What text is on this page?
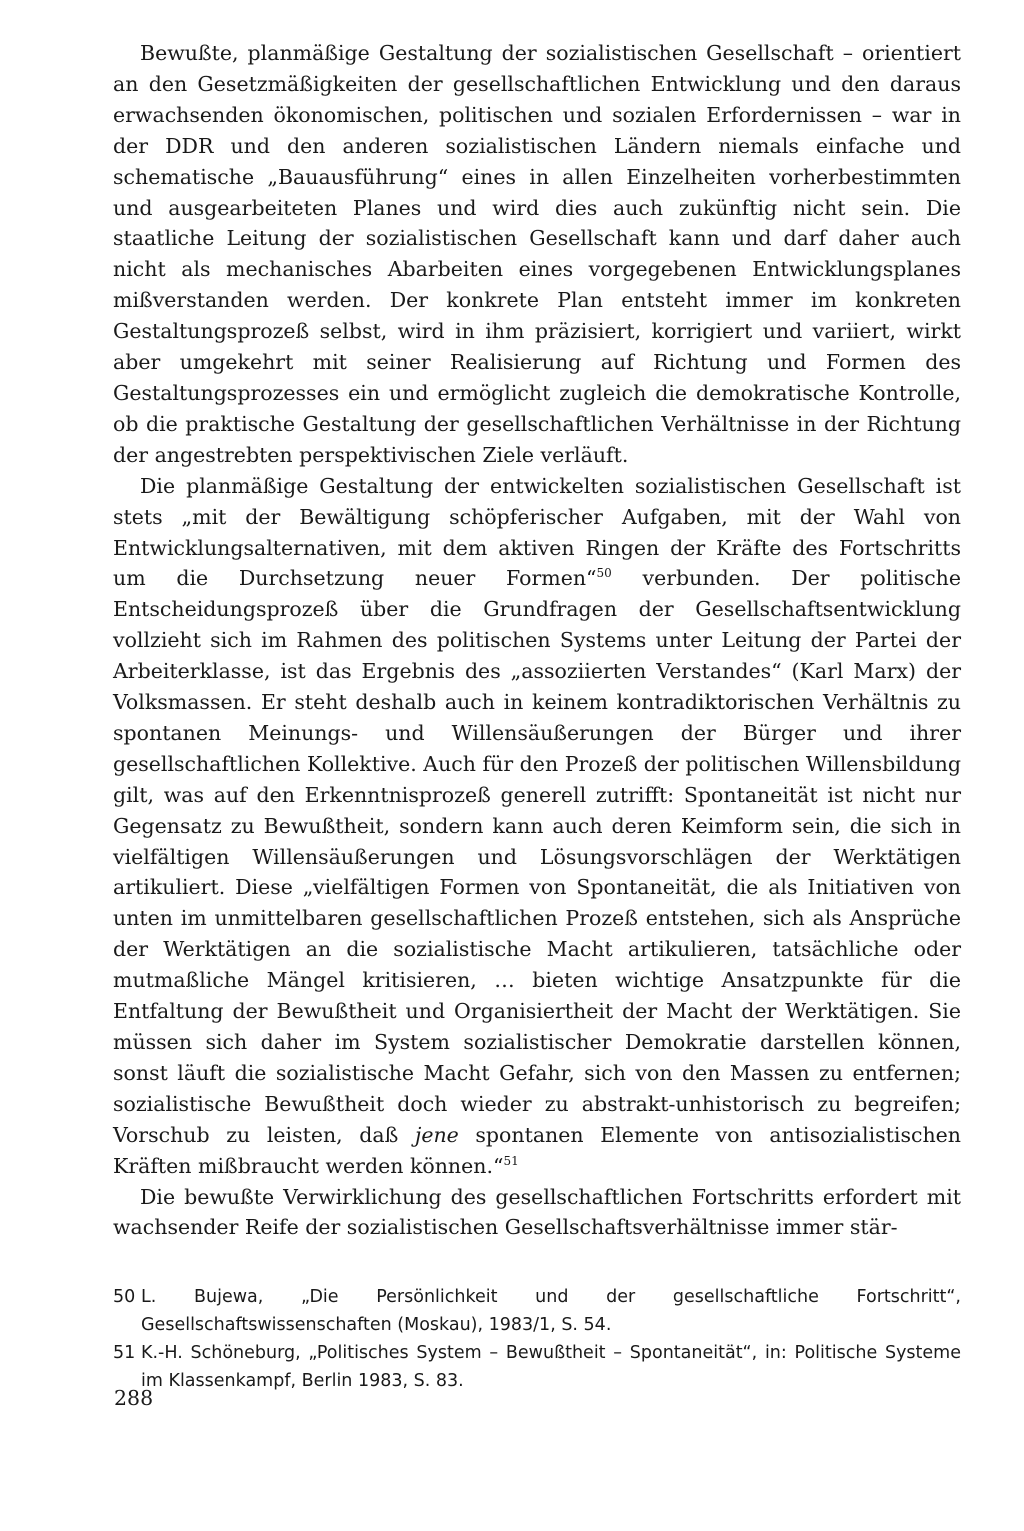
Bewußte, planmäßige Gestaltung der sozialistischen Gesellschaft – orientiert an den Gesetzmäßigkeiten der gesellschaftlichen Entwicklung und den daraus erwachsenden ökonomischen, politischen und sozialen Erfordernissen – war in der DDR und den anderen sozialistischen Ländern niemals einfache und schematische „Bauausführung“ eines in allen Einzelheiten vorherbestimmten und ausgearbeiteten Planes und wird dies auch zukünftig nicht sein. Die staatliche Leitung der sozialistischen Gesellschaft kann und darf daher auch nicht als mechanisches Abarbeiten eines vorgegebenen Entwicklungsplanes mißverstanden werden. Der konkrete Plan entsteht immer im konkreten Gestaltungsprozeß selbst, wird in ihm präzisiert, korrigiert und variiert, wirkt aber umgekehrt mit seiner Realisierung auf Richtung und Formen des Gestaltungsprozesses ein und ermöglicht zugleich die demokratische Kontrolle, ob die praktische Gestaltung der gesellschaftlichen Verhältnisse in der Richtung der angestrebten perspektivischen Ziele verläuft.

Die planmäßige Gestaltung der entwickelten sozialistischen Gesellschaft ist stets „mit der Bewältigung schöpferischer Aufgaben, mit der Wahl von Entwicklungsalternativen, mit dem aktiven Ringen der Kräfte des Fortschritts um die Durchsetzung neuer Formen“$^{50}$ verbunden. Der politische Entscheidungsprozeß über die Grundfragen der Gesellschaftsentwicklung vollzieht sich im Rahmen des politischen Systems unter Leitung der Partei der Arbeiterklasse, ist das Ergebnis des „assoziierten Verstandes“ (Karl Marx) der Volksmassen. Er steht deshalb auch in keinem kontradiktorischen Verhältnis zu spontanen Meinungs- und Willensäußerungen der Bürger und ihrer gesellschaftlichen Kollektive. Auch für den Prozeß der politischen Willensbildung gilt, was auf den Erkenntnisprozeß generell zutrifft: Spontaneität ist nicht nur Gegensatz zu Bewußtheit, sondern kann auch deren Keimform sein, die sich in vielfältigen Willensäußerungen und Lösungsvorschlägen der Werktätigen artikuliert. Diese „vielfältigen Formen von Spontaneität, die als Initiativen von unten im unmittelbaren gesellschaftlichen Prozeß entstehen, sich als Ansprüche der Werktätigen an die sozialistische Macht artikulieren, tatsächliche oder mutmaßliche Mängel kritisieren, … bieten wichtige Ansatzpunkte für die Entfaltung der Bewußtheit und Organisiertheit der Macht der Werktätigen. Sie müssen sich daher im System sozialistischer Demokratie darstellen können, sonst läuft die sozialistische Macht Gefahr, sich von den Massen zu entfernen; sozialistische Bewußtheit doch wieder zu abstrakt-unhistorisch zu begreifen; Vorschub zu leisten, daß jene spontanen Elemente von antisozialistischen Kräften mißbraucht werden können.“$^{51}$

Die bewußte Verwirklichung des gesellschaftlichen Fortschritts erfordert mit wachsender Reife der sozialistischen Gesellschaftsverhältnisse immer stär-

50 L. Bujewa, „Die Persönlichkeit und der gesellschaftliche Fortschritt“, Gesellschaftswissenschaften (Moskau), 1983/1, S. 54.

51 K.-H. Schöneburg, „Politisches System – Bewußtheit – Spontaneität“, in: Politische Systeme im Klassenkampf, Berlin 1983, S. 83.

288
